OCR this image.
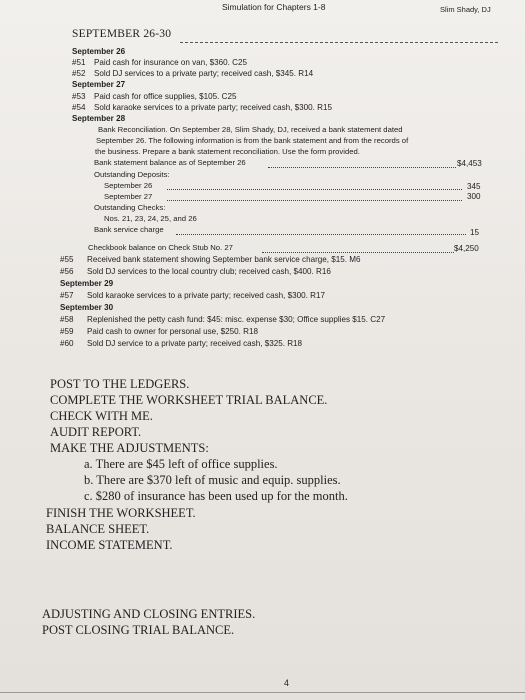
Simulation for Chapters 1-8	Slim Shady, DJ
SEPTEMBER 26-30
September 26
#51 Paid cash for insurance on van, $360. C25
#52 Sold DJ services to a private party; received cash, $345. R14
September 27
#53 Paid cash for office supplies, $105. C25
#54 Sold karaoke services to a private party; received cash, $300. R15
September 28
Bank Reconciliation. On September 28, Slim Shady, DJ, received a bank statement dated
September 26. The following information is from the bank statement and from the records of
the business. Prepare a bank statement reconciliation. Use the form provided.
Bank statement balance as of September 26	$4,453
Outstanding Deposits:
September 26	345
September 27	300
Outstanding Checks:
Nos. 21, 23, 24, 25, and 26
Bank service charge	15
Checkbook balance on Check Stub No. 27	$4,250
#55 Received bank statement showing September bank service charge, $15. M6
#56 Sold DJ services to the local country club; received cash, $400. R16
September 29
#57 Sold karaoke services to a private party; received cash, $300. R17
September 30
#58 Replenished the petty cash fund: $45: misc. expense $30; Office supplies $15. C27
#59 Paid cash to owner for personal use, $250. R18
#60 Sold DJ service to a private party; received cash, $325. R18
POST TO THE LEDGERS.
COMPLETE THE WORKSHEET TRIAL BALANCE.
CHECK WITH ME.
AUDIT REPORT.
MAKE THE ADJUSTMENTS:
a. There are $45 left of office supplies.
b. There are $370 left of music and equip. supplies.
c. $280 of insurance has been used up for the month.
FINISH THE WORKSHEET.
BALANCE SHEET.
INCOME STATEMENT.
ADJUSTING AND CLOSING ENTRIES.
POST CLOSING TRIAL BALANCE.
4
